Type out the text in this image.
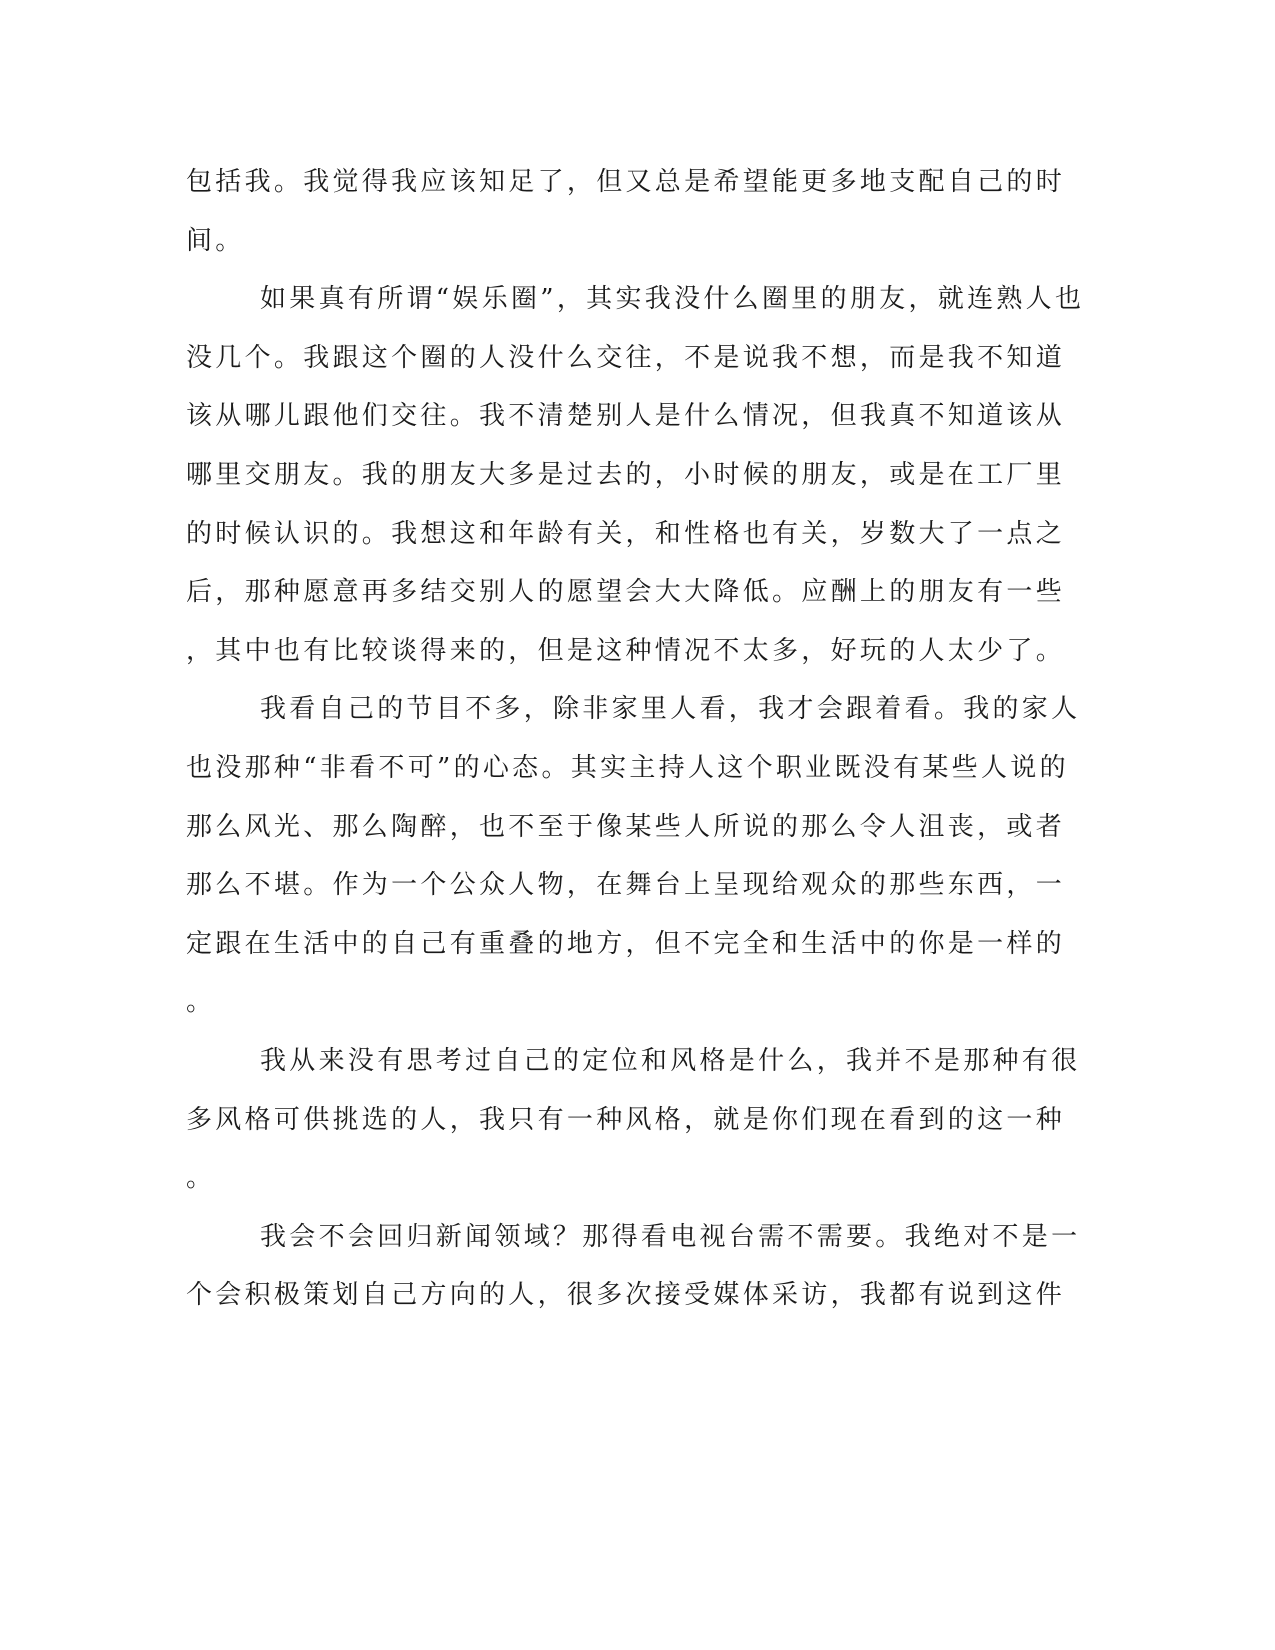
包括我。我觉得我应该知足了，但又总是希望能更多地支配自己的时
间。
如果真有所谓“娱乐圈”，其实我没什么圈里的朋友，就连熟人也
没几个。我跟这个圈的人没什么交往，不是说我不想，而是我不知道
该从哪儿跟他们交往。我不清楚别人是什么情况，但我真不知道该从
哪里交朋友。我的朋友大多是过去的，小时候的朋友，或是在工厂里
的时候认识的。我想这和年龄有关，和性格也有关，岁数大了一点之
后，那种愿意再多结交别人的愿望会大大降低。应酬上的朋友有一些
，其中也有比较谈得来的，但是这种情况不太多，好玩的人太少了。
我看自己的节目不多，除非家里人看，我才会跟着看。我的家人
也没那种“非看不可”的心态。其实主持人这个职业既没有某些人说的
那么风光、那么陶醉，也不至于像某些人所说的那么令人沮丧，或者
那么不堪。作为一个公众人物，在舞台上呈现给观众的那些东西，一
定跟在生活中的自己有重叠的地方，但不完全和生活中的你是一样的
。
我从来没有思考过自己的定位和风格是什么，我并不是那种有很
多风格可供挑选的人，我只有一种风格，就是你们现在看到的这一种
。
我会不会回归新闻领域？那得看电视台需不需要。我绝对不是一
个会积极策划自己方向的人，很多次接受媒体采访，我都有说到这件
